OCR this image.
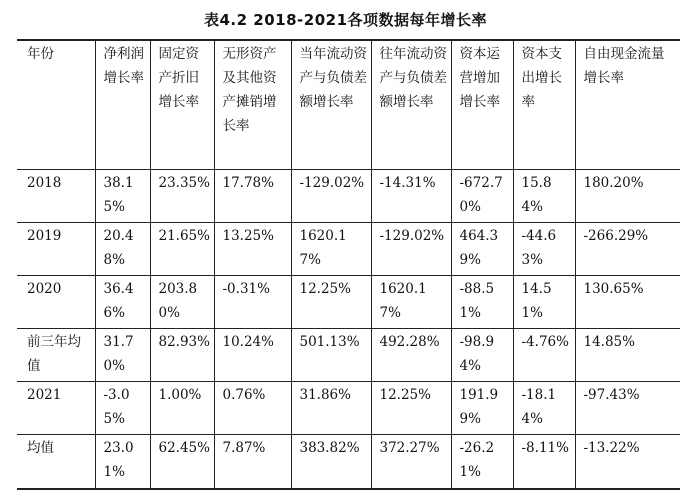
表4.2 2018-2021各项数据每年增长率
年份	净利润增长率	固定资产折旧增长率	无形资产及其他资产摊销增长率	当年流动资产与负债差额增长率	往年流动资产与负债差额增长率	资本运营增加增长率	资本支出增长率	自由现金流量增长率
2018	38.15%	23.35%	17.78%	-129.02%	-14.31%	-672.70%	15.84%	180.20%
2019	20.48%	21.65%	13.25%	1620.17%	-129.02%	464.39%	-44.63%	-266.29%
2020	36.46%	203.80%	-0.31%	12.25%	1620.17%	-88.51%	14.51%	130.65%
前三年均值	31.70%	82.93%	10.24%	501.13%	492.28%	-98.94%	-4.76%	14.85%
2021	-3.05%	1.00%	0.76%	31.86%	12.25%	191.99%	-18.14%	-97.43%
均值	23.01%	62.45%	7.87%	383.82%	372.27%	-26.21%	-8.11%	-13.22%
